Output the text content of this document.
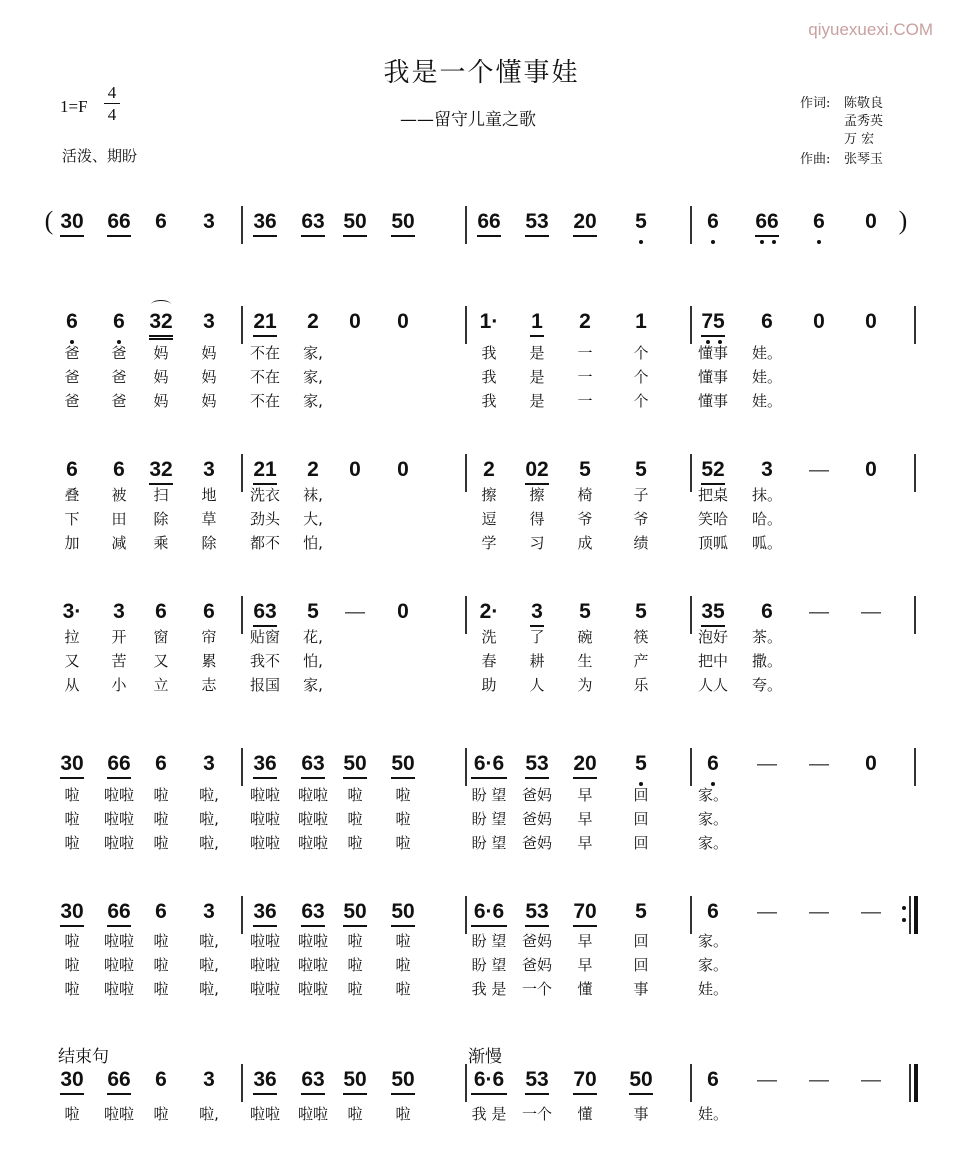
qiyuexuexi.COM
我是一个懂事娃
——留守儿童之歌
1=F
4
4
活泼、期盼
作词: 陈敬良
孟秀英
万 宏
作曲: 张琴玉
结束句	渐慢
(	)
30 66 6 3 36 63 50 50	66 53 20 5	6 66 6 0
6 6 32 3 21 2 0 0	1· 1 2 1	75 6 0 0
爸 爸 妈 妈 不在 家,	我 是 一	个	懂事 娃。
爸 爸 妈 妈 不在 家,	我 是 一	个	懂事 娃。
爸 爸 妈 妈 不在 家,	我 是 一	个	懂事 娃。
6 6 32 3 21 2 0 0	2 02 5 5	52 3 — 0
叠 被 扫 地 洗衣 袜,	擦 擦 椅	子	把桌 抹。
下 田 除 草 劲头 大,	逗 得 爷	爷	笑哈 哈。
加 减 乘 除 都不 怕,	学 习 成	绩	顶呱 呱。
3· 3 6 6 63 5 — 0	2· 3 5 5	35 6 — —
拉 开 窗 帘 贴窗 花,	洗 了 碗	筷	泡好 茶。
又 苦 又 累 我不 怕,	春 耕 生	产	把中 撒。
从 小 立 志 报国 家,	助 人 为	乐	人人 夸。
30 66 6 3 36 63 50 50	6·6 53 20 5	6 — — 0
啦 啦啦 啦 啦, 啦啦 啦啦 啦 啦	盼 望 爸妈 早	回	家。
啦 啦啦 啦 啦, 啦啦 啦啦 啦 啦	盼 望 爸妈 早	回	家。
啦 啦啦 啦 啦, 啦啦 啦啦 啦 啦	盼 望 爸妈 早	回	家。
30 66 6 3 36 63 50 50	6·6 53 70 5	6 — — —
啦 啦啦 啦 啦, 啦啦 啦啦 啦 啦	盼 望 爸妈 早	回	家。
啦 啦啦 啦 啦, 啦啦 啦啦 啦 啦	盼 望 爸妈 早	回	家。
啦 啦啦 啦 啦, 啦啦 啦啦 啦 啦	我 是 一个 懂	事	娃。
30 66 6 3 36 63 50 50	6·6 53 70 50	6 — — —
啦 啦啦 啦 啦, 啦啦 啦啦 啦 啦	我 是 一个 懂	事	娃。
